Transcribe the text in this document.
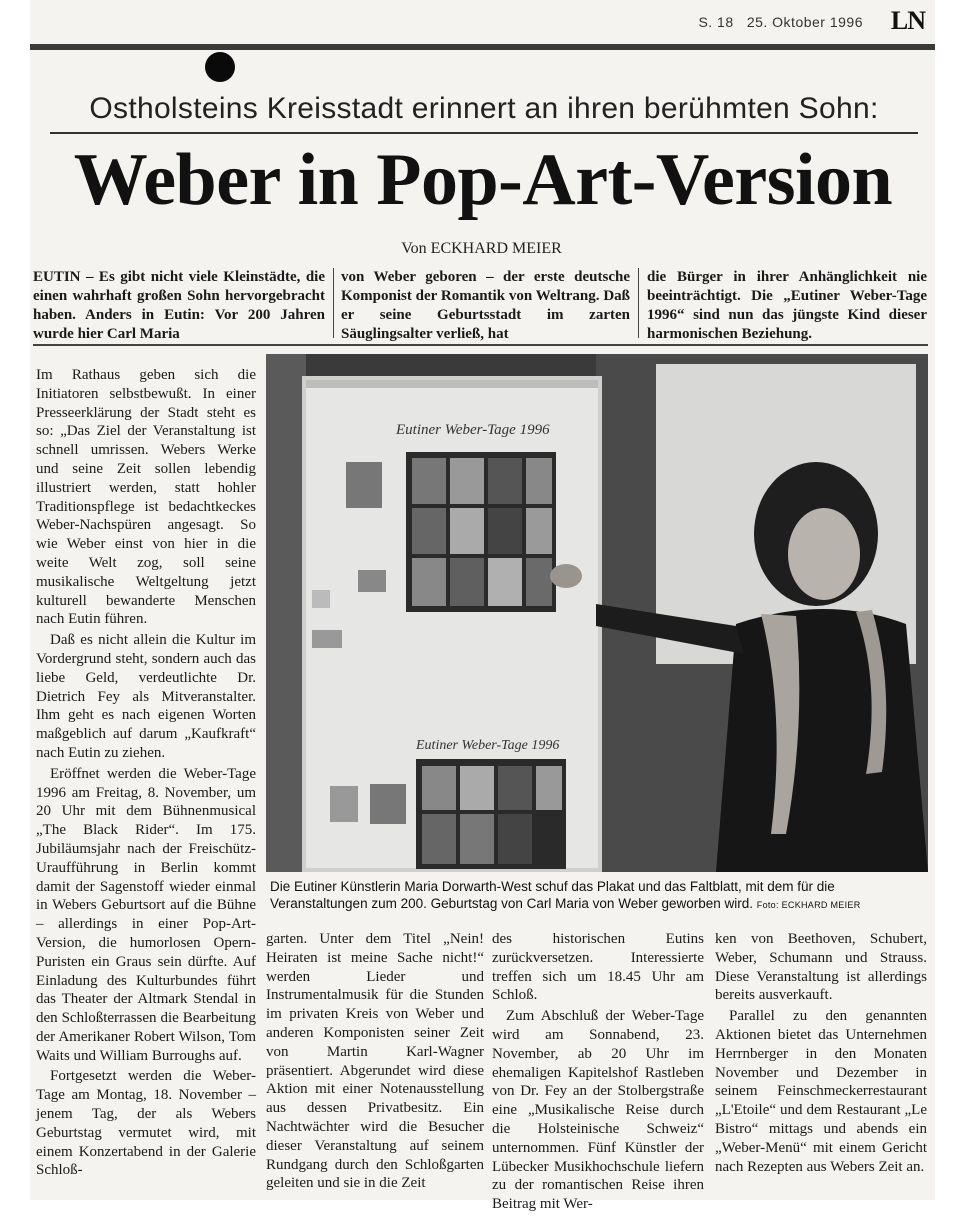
S. 18 25. Oktober 1996 LN
Ostholsteins Kreisstadt erinnert an ihren berühmten Sohn:
Weber in Pop-Art-Version
Von ECKHARD MEIER
EUTIN – Es gibt nicht viele Kleinstädte, die einen wahrhaft großen Sohn hervorgebracht haben. Anders in Eutin: Vor 200 Jahren wurde hier Carl Maria
von Weber geboren – der erste deutsche Komponist der Romantik von Weltrang. Daß er seine Geburtsstadt im zarten Säuglingsalter verließ, hat
die Bürger in ihrer Anhänglichkeit nie beeinträchtigt. Die „Eutiner Weber-Tage 1996“ sind nun das jüngste Kind dieser harmonischen Beziehung.

Im Rathaus geben sich die Initiatoren selbstbewußt. In einer Presseerklärung der Stadt steht es so: „Das Ziel der Veranstaltung ist schnell umrissen. Webers Werke und seine Zeit sollen lebendig illustriert werden, statt hohler Traditionspflege ist bedachtkeckes Weber-Nachspüren angesagt. So wie Weber einst von hier in die weite Welt zog, soll seine musikalische Weltgeltung jetzt kulturell bewanderte Menschen nach Eutin führen.

Daß es nicht allein die Kultur im Vordergrund steht, sondern auch das liebe Geld, verdeutlichte Dr. Dietrich Fey als Mitveranstalter. Ihm geht es nach eigenen Worten maßgeblich auf darum „Kaufkraft“ nach Eutin zu ziehen.

Eröffnet werden die Weber-Tage 1996 am Freitag, 8. November, um 20 Uhr mit dem Bühnenmusical „The Black Rider“. Im 175. Jubiläumsjahr nach der Freischütz-Uraufführung in Berlin kommt damit der Sagenstoff wieder einmal in Webers Geburtsort auf die Bühne – allerdings in einer Pop-Art-Version, die humorlosen Opern-Puristen ein Graus sein dürfte. Auf Einladung des Kulturbundes führt das Theater der Altmark Stendal in den Schloßterrassen die Bearbeitung der Amerikaner Robert Wilson, Tom Waits und William Burroughs auf.

Fortgesetzt werden die Weber-Tage am Montag, 18. November – jenem Tag, der als Webers Geburtstag vermutet wird, mit einem Konzertabend in der Galerie Schloß-

Eutiner Weber-Tage 1996
Eutiner Weber-Tage 1996
Die Eutiner Künstlerin Maria Dorwarth-West schuf das Plakat und das Faltblatt, mit dem für die Veranstaltungen zum 200. Geburtstag von Carl Maria von Weber geworben wird. Foto: ECKHARD MEIER

garten. Unter dem Titel „Nein! Heiraten ist meine Sache nicht!“ werden Lieder und Instrumentalmusik für die Stunden im privaten Kreis von Weber und anderen Komponisten seiner Zeit von Martin Karl-Wagner präsentiert. Abgerundet wird diese Aktion mit einer Notenausstellung aus dessen Privatbesitz. Ein Nachtwächter wird die Besucher dieser Veranstaltung auf seinem Rundgang durch den Schloßgarten geleiten und sie in die Zeit

des historischen Eutins zurückversetzen. Interessierte treffen sich um 18.45 Uhr am Schloß.

Zum Abschluß der Weber-Tage wird am Sonnabend, 23. November, ab 20 Uhr im ehemaligen Kapitelshof Rastleben von Dr. Fey an der Stolbergstraße eine „Musikalische Reise durch die Holsteinische Schweiz“ unternommen. Fünf Künstler der Lübecker Musikhochschule liefern zu der romantischen Reise ihren Beitrag mit Wer-

ken von Beethoven, Schubert, Weber, Schumann und Strauss. Diese Veranstaltung ist allerdings bereits ausverkauft.

Parallel zu den genannten Aktionen bietet das Unternehmen Herrnberger in den Monaten November und Dezember in seinem Feinschmeckerrestaurant „L'Etoile“ und dem Restaurant „Le Bistro“ mittags und abends ein „Weber-Menü“ mit einem Gericht nach Rezepten aus Webers Zeit an.
